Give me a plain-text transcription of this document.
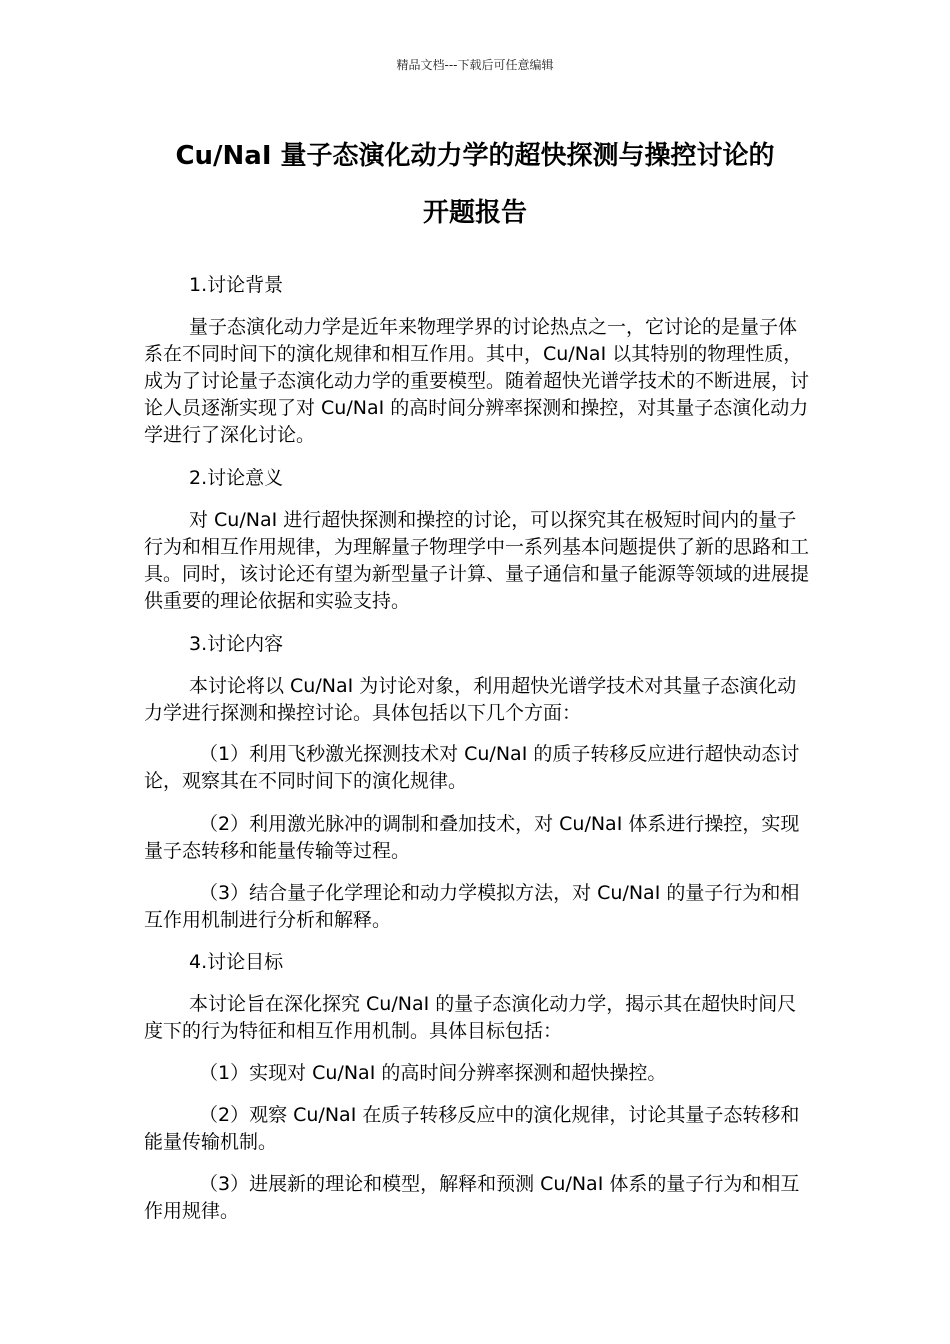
精品文档---下载后可任意编辑
Cu/NaI 量子态演化动力学的超快探测与操控讨论的
开题报告
1.讨论背景
量子态演化动力学是近年来物理学界的讨论热点之一，它讨论的是量子体系在不同时间下的演化规律和相互作用。其中，Cu/NaI 以其特别的物理性质，成为了讨论量子态演化动力学的重要模型。随着超快光谱学技术的不断进展，讨论人员逐渐实现了对 Cu/NaI 的高时间分辨率探测和操控，对其量子态演化动力学进行了深化讨论。
2.讨论意义
对 Cu/NaI 进行超快探测和操控的讨论，可以探究其在极短时间内的量子行为和相互作用规律，为理解量子物理学中一系列基本问题提供了新的思路和工具。同时，该讨论还有望为新型量子计算、量子通信和量子能源等领域的进展提供重要的理论依据和实验支持。
3.讨论内容
本讨论将以 Cu/NaI 为讨论对象，利用超快光谱学技术对其量子态演化动力学进行探测和操控讨论。具体包括以下几个方面：
（1）利用飞秒激光探测技术对 Cu/NaI 的质子转移反应进行超快动态讨论，观察其在不同时间下的演化规律。
（2）利用激光脉冲的调制和叠加技术，对 Cu/NaI 体系进行操控，实现量子态转移和能量传输等过程。
（3）结合量子化学理论和动力学模拟方法，对 Cu/NaI 的量子行为和相互作用机制进行分析和解释。
4.讨论目标
本讨论旨在深化探究 Cu/NaI 的量子态演化动力学，揭示其在超快时间尺度下的行为特征和相互作用机制。具体目标包括：
（1）实现对 Cu/NaI 的高时间分辨率探测和超快操控。
（2）观察 Cu/NaI 在质子转移反应中的演化规律，讨论其量子态转移和能量传输机制。
（3）进展新的理论和模型，解释和预测 Cu/NaI 体系的量子行为和相互作用规律。
